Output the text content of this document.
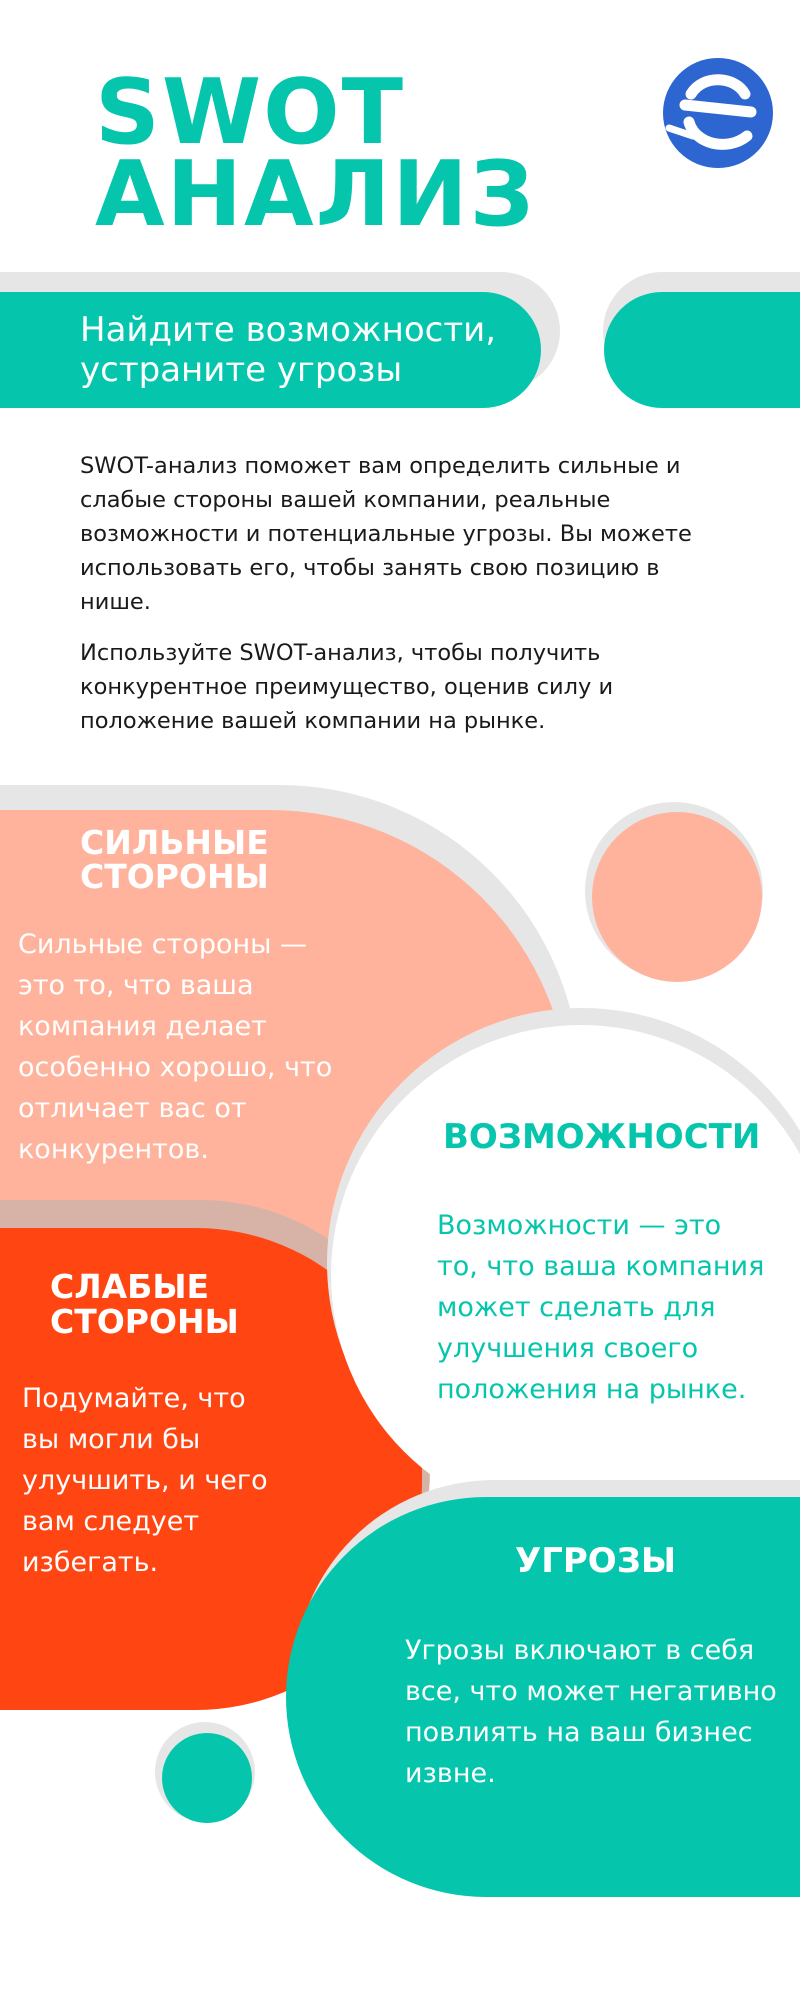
SWOT
АНАЛИЗ
Найдите возможности,
устраните угрозы

SWOT-анализ поможет вам определить сильные и слабые стороны вашей компании, реальные возможности и потенциальные угрозы. Вы можете использовать его, чтобы занять свою позицию в нише.

Используйте SWOT-анализ, чтобы получить конкурентное преимущество, оценив силу и положение вашей компании на рынке.

СИЛЬНЫЕ
СТОРОНЫ
Сильные стороны — это то, что ваша компания делает особенно хорошо, что отличает вас от конкурентов.
СЛАБЫЕ
СТОРОНЫ
Подумайте, что вы могли бы улучшить, и чего вам следует избегать.
ВОЗМОЖНОСТИ
Возможности — это то, что ваша компания может сделать для улучшения своего положения на рынке.
УГРОЗЫ
Угрозы включают в себя все, что может негативно повлиять на ваш бизнес извне.
